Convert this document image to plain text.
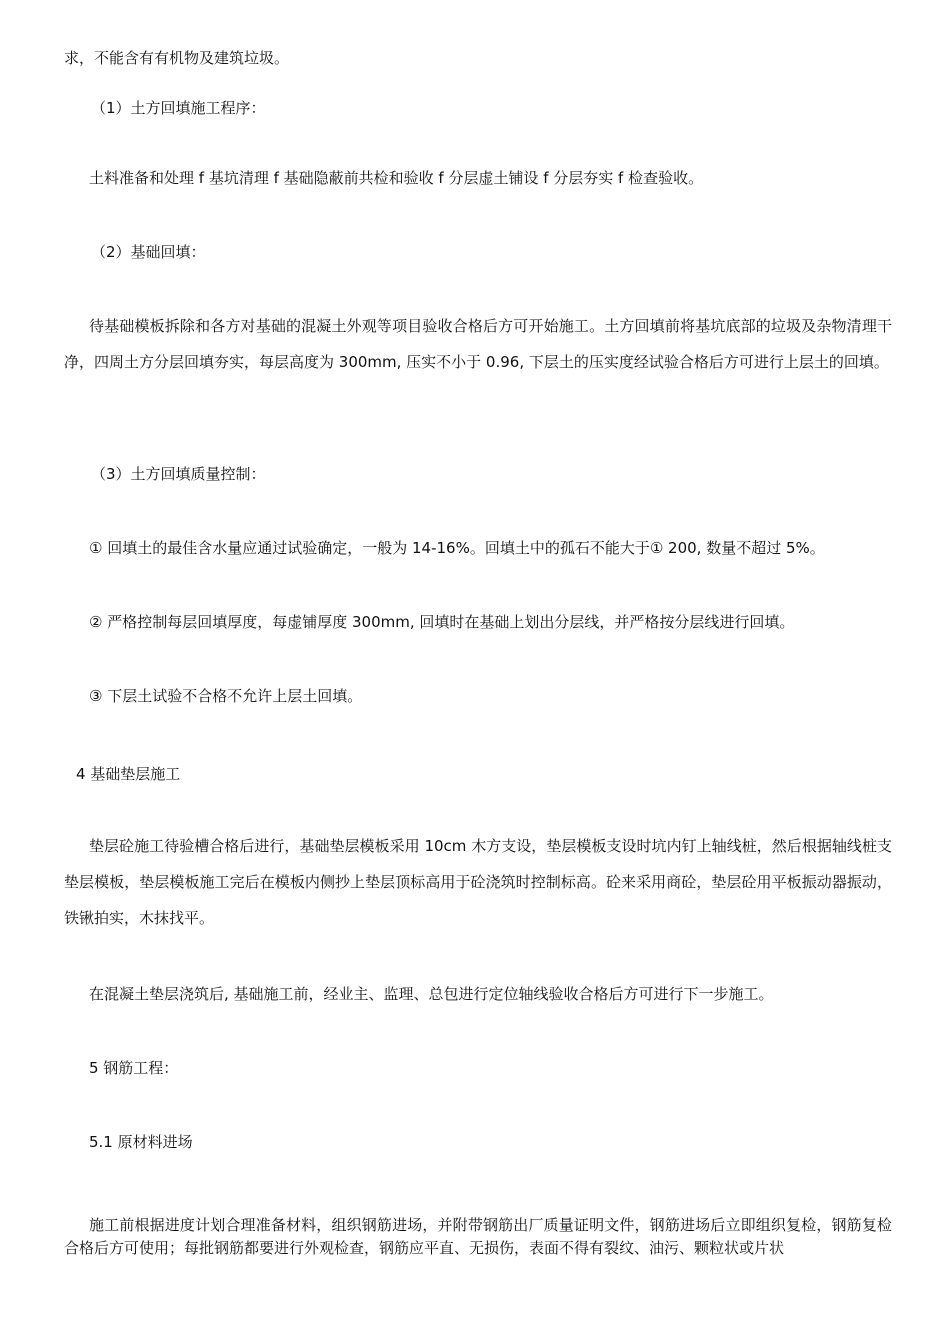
求，不能含有有机物及建筑垃圾。

（1）土方回填施工程序：

土料准备和处理 f 基坑清理 f 基础隐蔽前共检和验收 f 分层虚土铺设 f 分层夯实 f 检查验收。

（2）基础回填：

待基础模板拆除和各方对基础的混凝土外观等项目验收合格后方可开始施工。土方回填前将基坑底部的垃圾及杂物清理干净，四周土方分层回填夯实，每层高度为 300mm, 压实不小于 0.96, 下层土的压实度经试验合格后方可进行上层土的回填。

（3）土方回填质量控制：

① 回填土的最佳含水量应通过试验确定，一般为 14-16%。回填土中的孤石不能大于① 200, 数量不超过 5%。

② 严格控制每层回填厚度，每虚铺厚度 300mm, 回填时在基础上划出分层线，并严格按分层线进行回填。

③ 下层土试验不合格不允许上层土回填。

4 基础垫层施工

垫层砼施工待验槽合格后进行，基础垫层模板采用 10cm 木方支设，垫层模板支设时坑内钉上轴线桩，然后根据轴线桩支垫层模板，垫层模板施工完后在模板内侧抄上垫层顶标高用于砼浇筑时控制标高。砼来采用商砼，垫层砼用平板振动器振动，铁锹拍实，木抹找平。

在混凝土垫层浇筑后, 基础施工前，经业主、监理、总包进行定位轴线验收合格后方可进行下一步施工。

5 钢筋工程：

5.1 原材料进场

施工前根据进度计划合理准备材料，组织钢筋进场，并附带钢筋出厂质量证明文件，钢筋进场后立即组织复检，钢筋复检合格后方可使用；每批钢筋都要进行外观检查，钢筋应平直、无损伤，表面不得有裂纹、油污、颗粒状或片状
